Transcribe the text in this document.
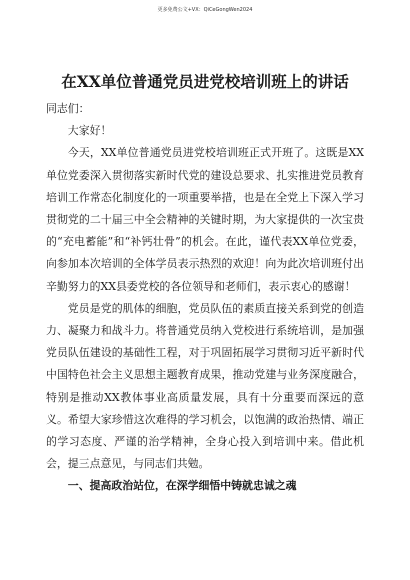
更多免费公文+VX：QiCeGongWen2024
在XX单位普通党员进党校培训班上的讲话

同志们：

大家好！

今天，XX单位普通党员进党校培训班正式开班了。这既是XX单位党委深入贯彻落实新时代党的建设总要求、扎实推进党员教育培训工作常态化制度化的一项重要举措，也是在全党上下深入学习贯彻党的二十届三中全会精神的关键时期，为大家提供的一次宝贵的“充电蓄能”和“补钙壮骨”的机会。在此，谨代表XX单位党委，向参加本次培训的全体学员表示热烈的欢迎！向为此次培训班付出辛勤努力的XX县委党校的各位领导和老师们，表示衷心的感谢！

党员是党的肌体的细胞，党员队伍的素质直接关系到党的创造力、凝聚力和战斗力。将普通党员纳入党校进行系统培训，是加强党员队伍建设的基础性工程，对于巩固拓展学习贯彻习近平新时代中国特色社会主义思想主题教育成果，推动党建与业务深度融合，特别是推动XX教体事业高质量发展，具有十分重要而深远的意义。希望大家珍惜这次难得的学习机会，以饱满的政治热情、端正的学习态度、严谨的治学精神，全身心投入到培训中来。借此机会，提三点意见，与同志们共勉。

一、提高政治站位，在深学细悟中铸就忠诚之魂
